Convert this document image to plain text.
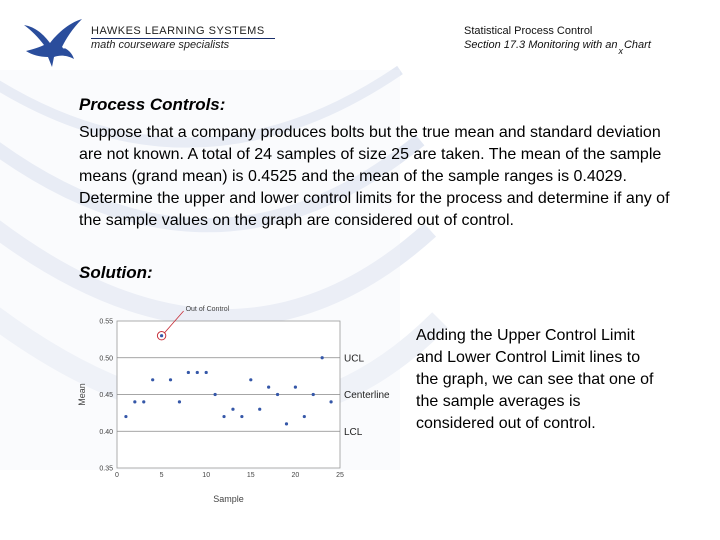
HAWKES LEARNING SYSTEMS
math courseware specialists
Statistical Process Control
Section 17.3 Monitoring with $an_xChart$
Process Controls:

Suppose that a company produces bolts but the true mean and standard deviation are not known. A total of 24 samples of size 25 are taken. The mean of the sample means (grand mean) is 0.4525 and the mean of the sample ranges is 0.4029. Determine the upper and lower control limits for the process and determine if any of the sample values on the graph are considered out of control.

Solution:
UCL
Centerline
LCL
0.35
0.40
0.45
0.50
0.55
0	5	10	15	20	25
Sample
Mean
Out of Control

Adding the Upper Control Limit and Lower Control Limit lines to the graph, we can see that one of the sample averages is considered out of control.
